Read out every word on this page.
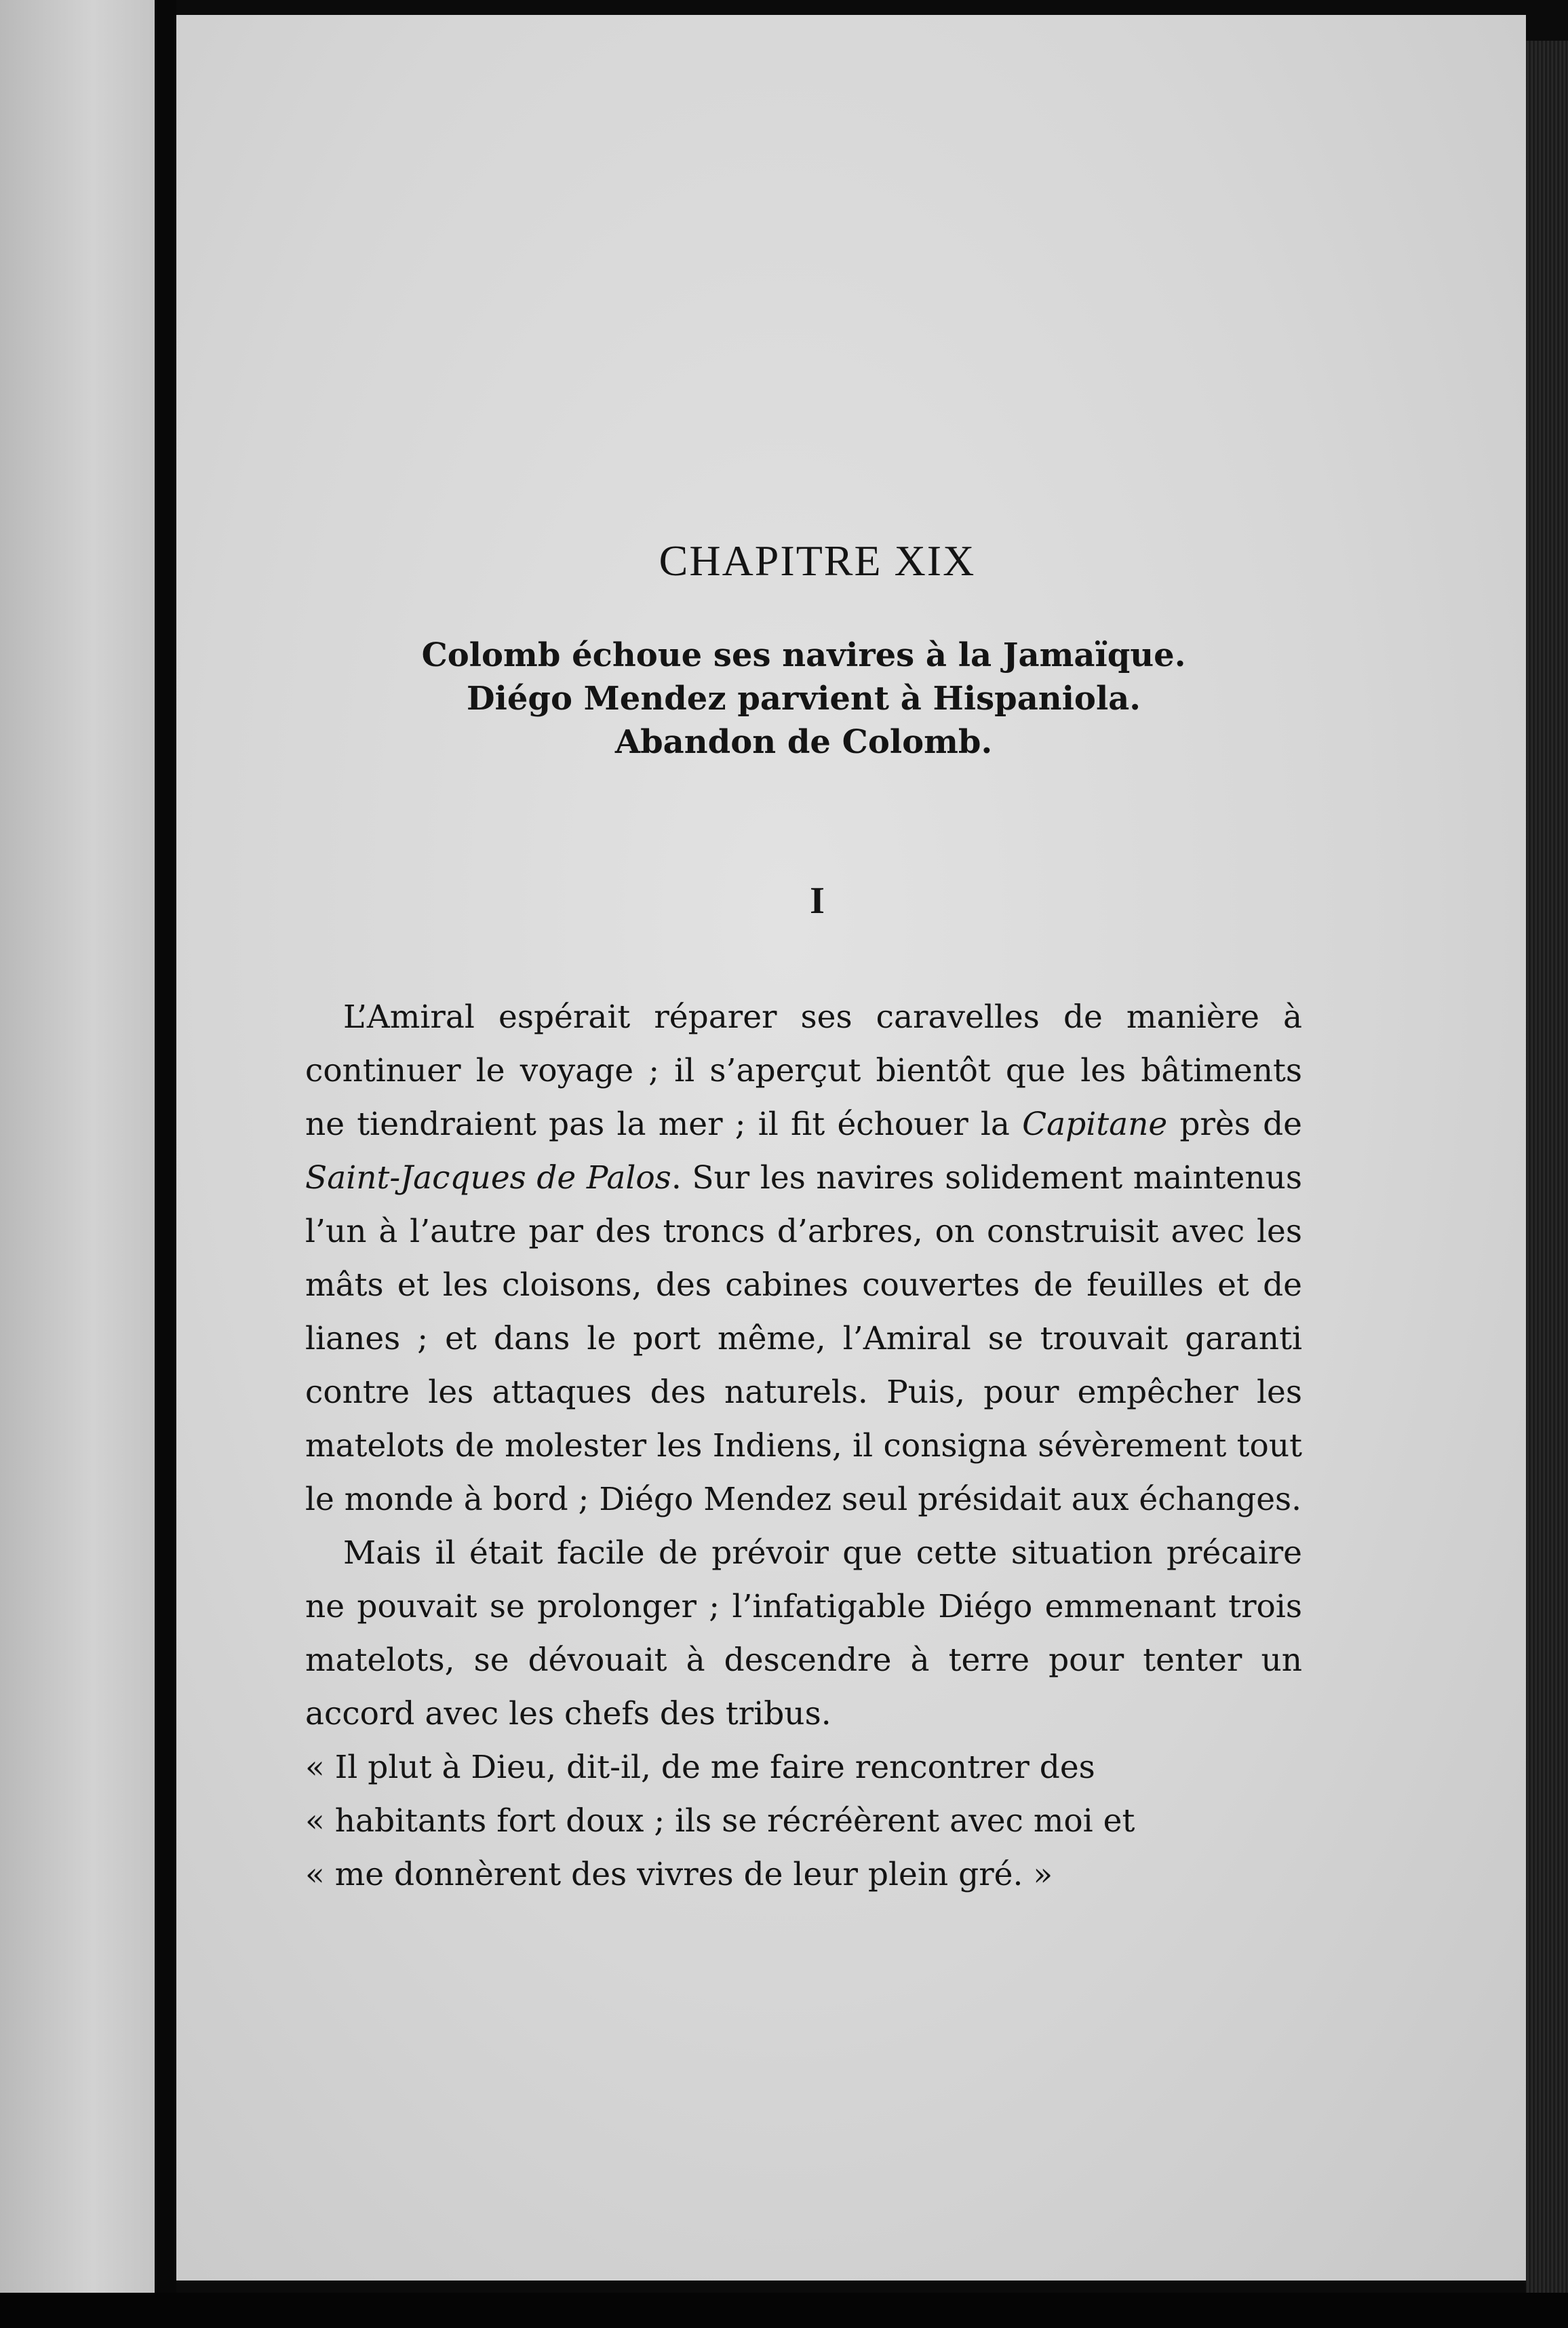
CHAPITRE XIX
Colomb échoue ses navires à la Jamaïque.
Diégo Mendez parvient à Hispaniola.
Abandon de Colomb.
I

L’Amiral espérait réparer ses caravelles de manière à continuer le voyage ; il s’aperçut bientôt que les bâtiments ne tiendraient pas la mer ; il fit échouer la Capitane près de Saint-Jacques de Palos. Sur les navires solidement maintenus l’un à l’autre par des troncs d’arbres, on construisit avec les mâts et les cloisons, des cabines couvertes de feuilles et de lianes ; et dans le port même, l’Amiral se trouvait garanti contre les attaques des naturels. Puis, pour empêcher les matelots de molester les Indiens, il consigna sévèrement tout le monde à bord ; Diégo Mendez seul présidait aux échanges.

Mais il était facile de prévoir que cette situation précaire ne pouvait se prolonger ; l’infatigable Diégo emmenant trois matelots, se dévouait à descendre à terre pour tenter un accord avec les chefs des tribus.

« Il plut à Dieu, dit-il, de me faire rencontrer des
« habitants fort doux ; ils se récréèrent avec moi et
« me donnèrent des vivres de leur plein gré. »
